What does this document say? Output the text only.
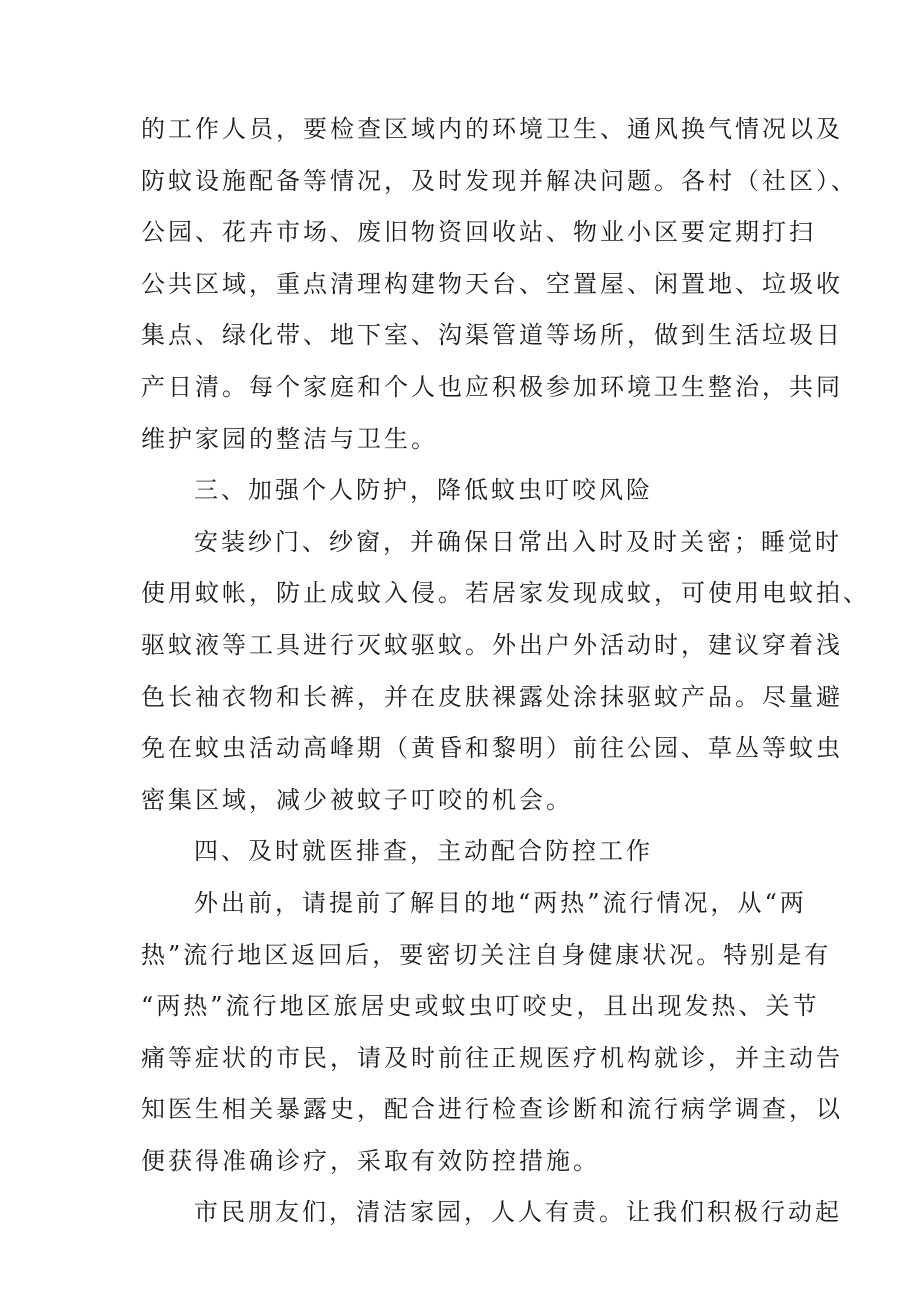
的工作人员，要检查区域内的环境卫生、通风换气情况以及
防蚊设施配备等情况，及时发现并解决问题。各村（社区）、
公园、花卉市场、废旧物资回收站、物业小区要定期打扫
公共区域，重点清理构建物天台、空置屋、闲置地、垃圾收
集点、绿化带、地下室、沟渠管道等场所，做到生活垃圾日
产日清。每个家庭和个人也应积极参加环境卫生整治，共同
维护家园的整洁与卫生。
三、加强个人防护，降低蚊虫叮咬风险
安装纱门、纱窗，并确保日常出入时及时关密；睡觉时
使用蚊帐，防止成蚊入侵。若居家发现成蚊，可使用电蚊拍、
驱蚊液等工具进行灭蚊驱蚊。外出户外活动时，建议穿着浅
色长袖衣物和长裤，并在皮肤裸露处涂抹驱蚊产品。尽量避
免在蚊虫活动高峰期（黄昏和黎明）前往公园、草丛等蚊虫
密集区域，减少被蚊子叮咬的机会。
四、及时就医排查，主动配合防控工作
外出前，请提前了解目的地“两热”流行情况，从“两
热”流行地区返回后，要密切关注自身健康状况。特别是有
“两热”流行地区旅居史或蚊虫叮咬史，且出现发热、关节
痛等症状的市民，请及时前往正规医疗机构就诊，并主动告
知医生相关暴露史，配合进行检查诊断和流行病学调查，以
便获得准确诊疗，采取有效防控措施。
市民朋友们，清洁家园，人人有责。让我们积极行动起
